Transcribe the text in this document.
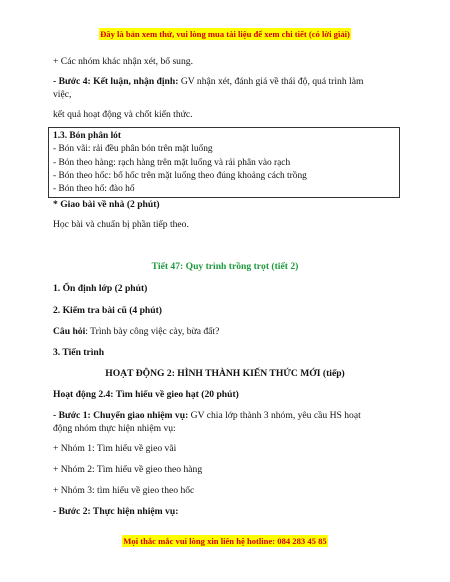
Đây là bản xem thử, vui lòng mua tài liệu để xem chi tiết (có lời giải)
+ Các nhóm khác nhận xét, bổ sung.
- Bước 4: Kết luận, nhận định: GV nhận xét, đánh giá về thái độ, quá trình làm
việc,
kết quả hoạt động và chốt kiến thức.
1.3. Bón phân lót
- Bón vãi: rải đều phân bón trên mặt luống
- Bón theo hàng: rạch hàng trên mặt luống và rải phân vào rạch
- Bón theo hốc: bổ hốc trên mặt luống theo đúng khoảng cách trồng
- Bón theo hố: đào hố
* Giao bài về nhà (2 phút)
Học bài và chuẩn bị phần tiếp theo.
Tiết 47: Quy trình trồng trọt (tiết 2)
1. Ổn định lớp (2 phút)
2. Kiểm tra bài cũ (4 phút)
Câu hỏi: Trình bày công việc cày, bừa đất?
3. Tiến trình
HOẠT ĐỘNG 2: HÌNH THÀNH KIẾN THỨC MỚI (tiếp)
Hoạt động 2.4: Tìm hiểu về gieo hạt (20 phút)
- Bước 1: Chuyển giao nhiệm vụ: GV chia lớp thành 3 nhóm, yêu cầu HS hoạt
động nhóm thực hiện nhiệm vụ:
+ Nhóm 1: Tìm hiểu về gieo vãi
+ Nhóm 2: Tìm hiểu về gieo theo hàng
+ Nhóm 3: tìm hiểu về gieo theo hốc
- Bước 2: Thực hiện nhiệm vụ:
Mọi thắc mắc vui lòng xin liên hệ hotline: 084 283 45 85
